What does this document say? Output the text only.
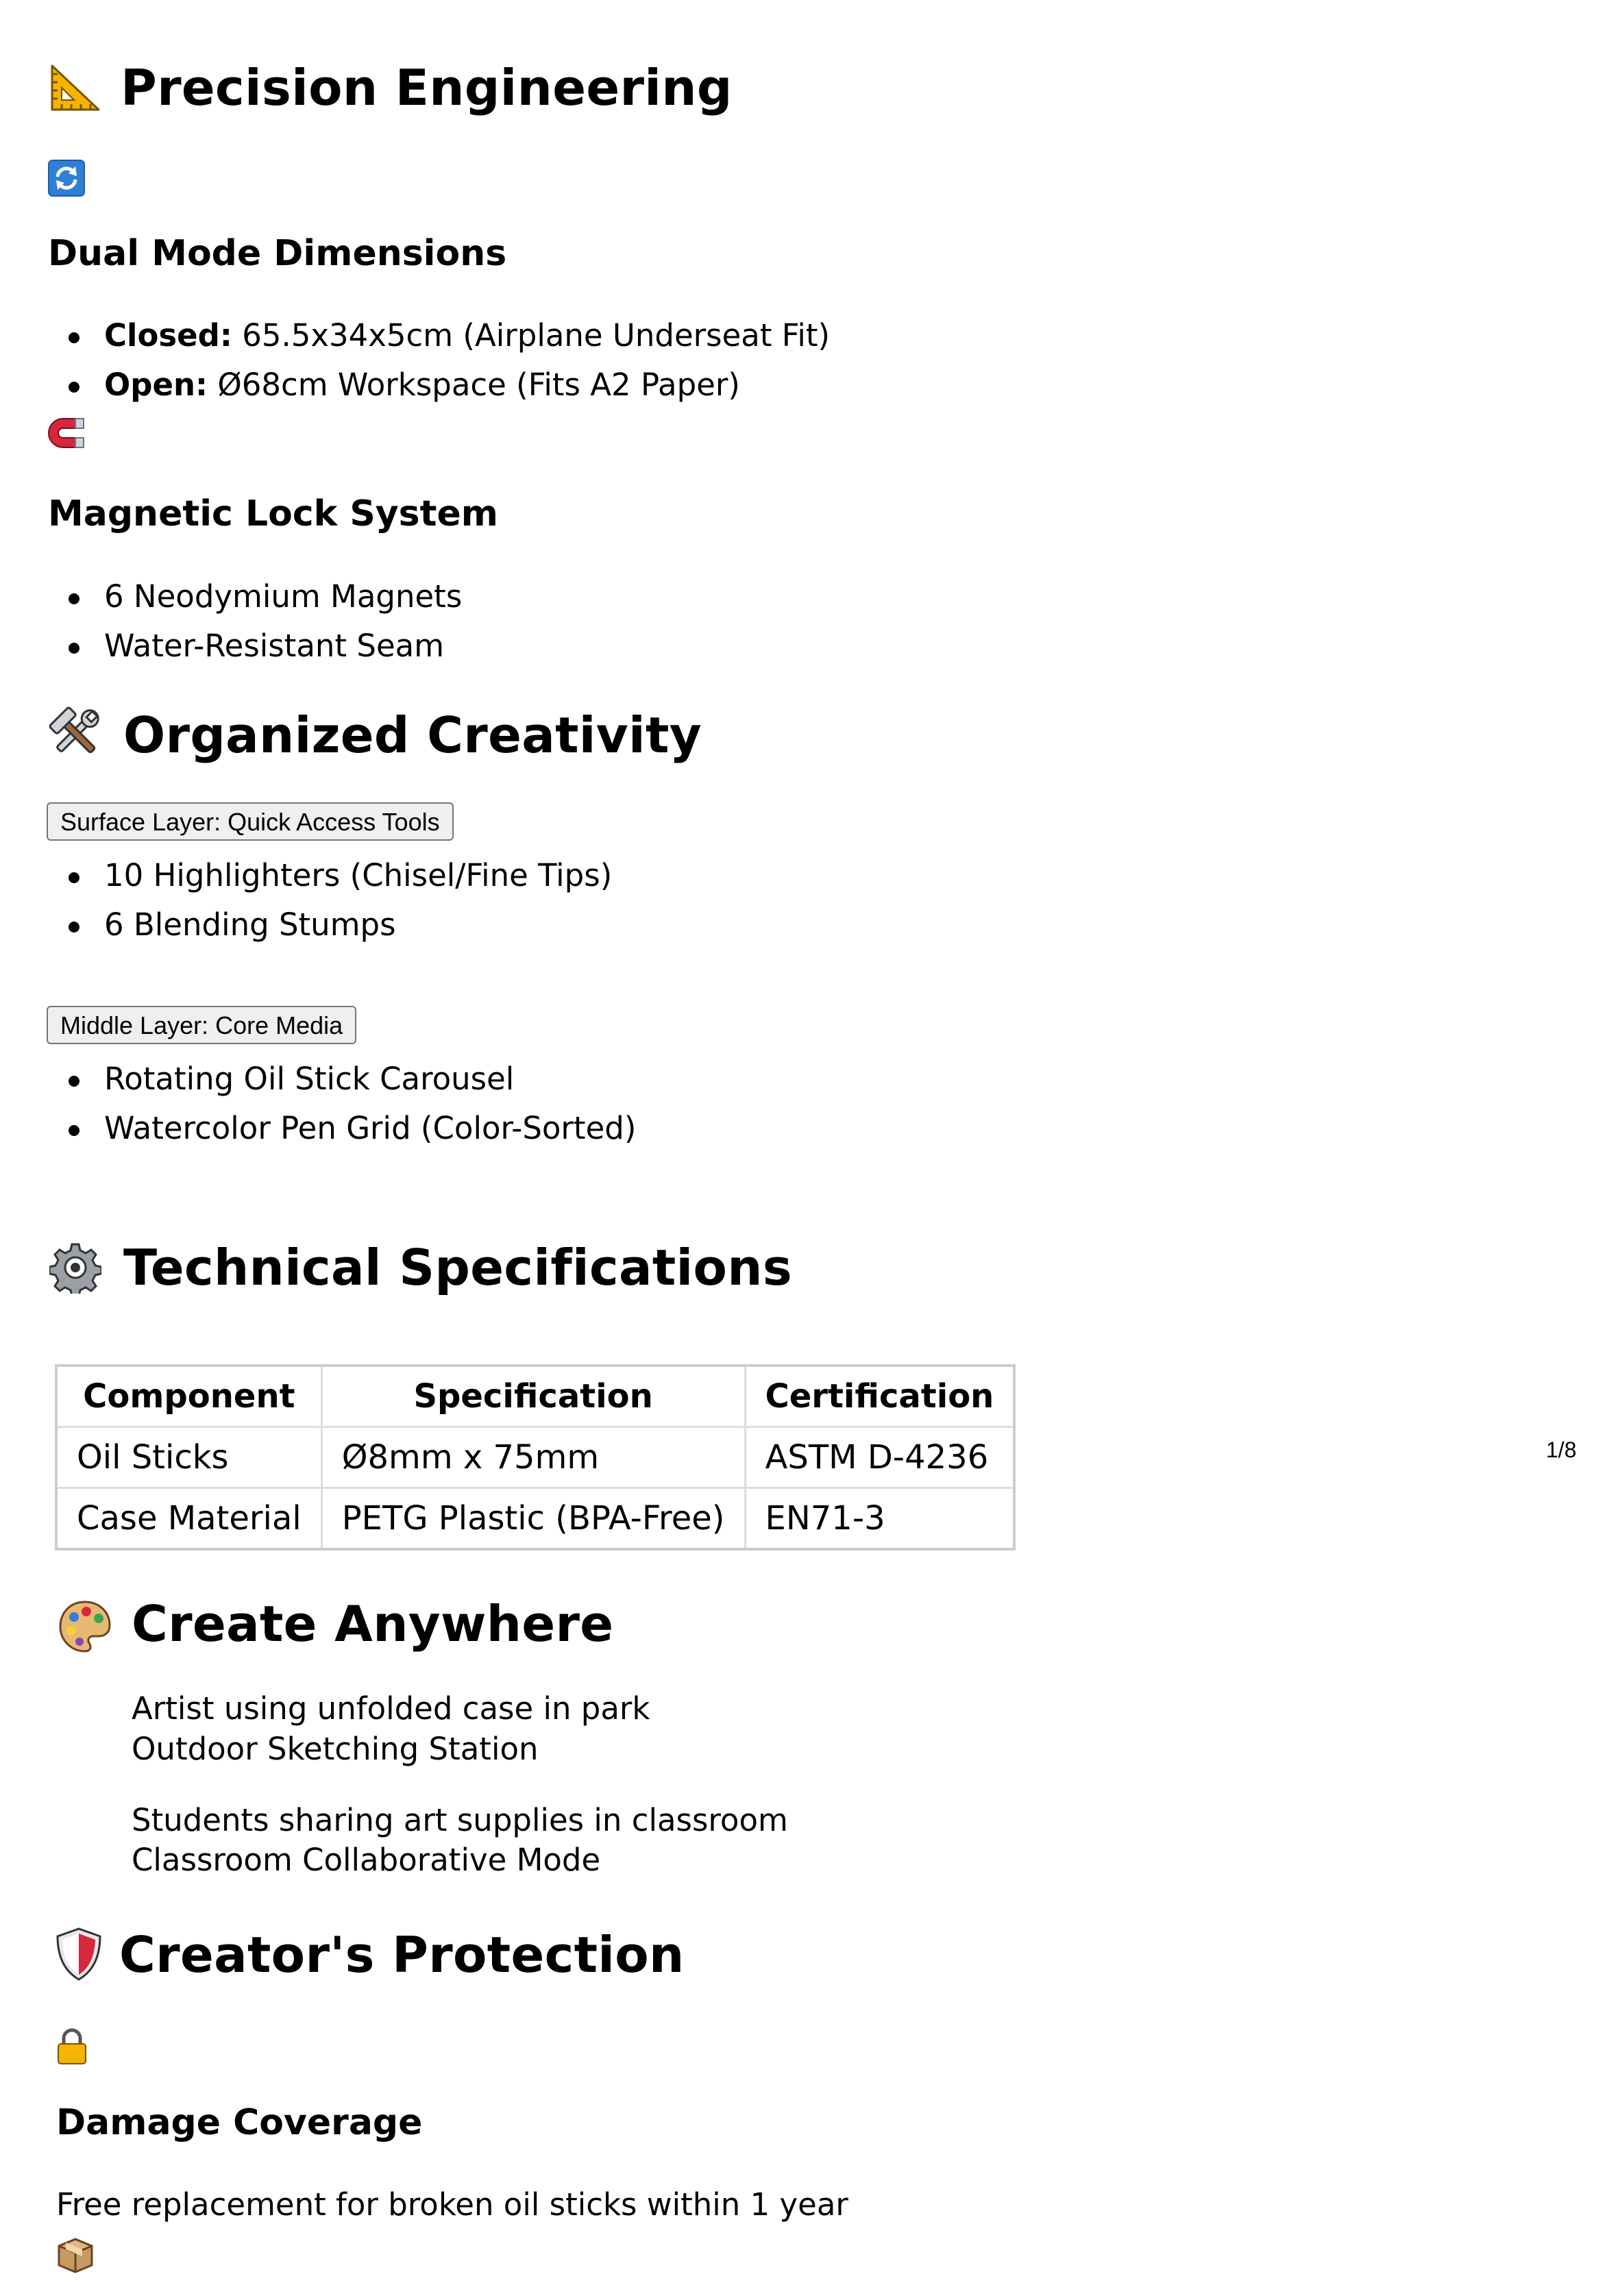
Precision Engineering
Dual Mode Dimensions
Closed: 65.5x34x5cm (Airplane Underseat Fit)
Open: Ø68cm Workspace (Fits A2 Paper)
Magnetic Lock System
6 Neodymium Magnets
Water-Resistant Seam
Organized Creativity
Surface Layer: Quick Access Tools
10 Highlighters (Chisel/Fine Tips)
6 Blending Stumps
Middle Layer: Core Media
Rotating Oil Stick Carousel
Watercolor Pen Grid (Color-Sorted)
Technical Specifications
Component	Specification	Certification
Oil Sticks	Ø8mm x 75mm	ASTM D-4236
Case Material	PETG Plastic (BPA-Free)	EN71-3
1/8
Create Anywhere
Artist using unfolded case in park
Outdoor Sketching Station
Students sharing art supplies in classroom
Classroom Collaborative Mode
Creator's Protection
Damage Coverage
Free replacement for broken oil sticks within 1 year
